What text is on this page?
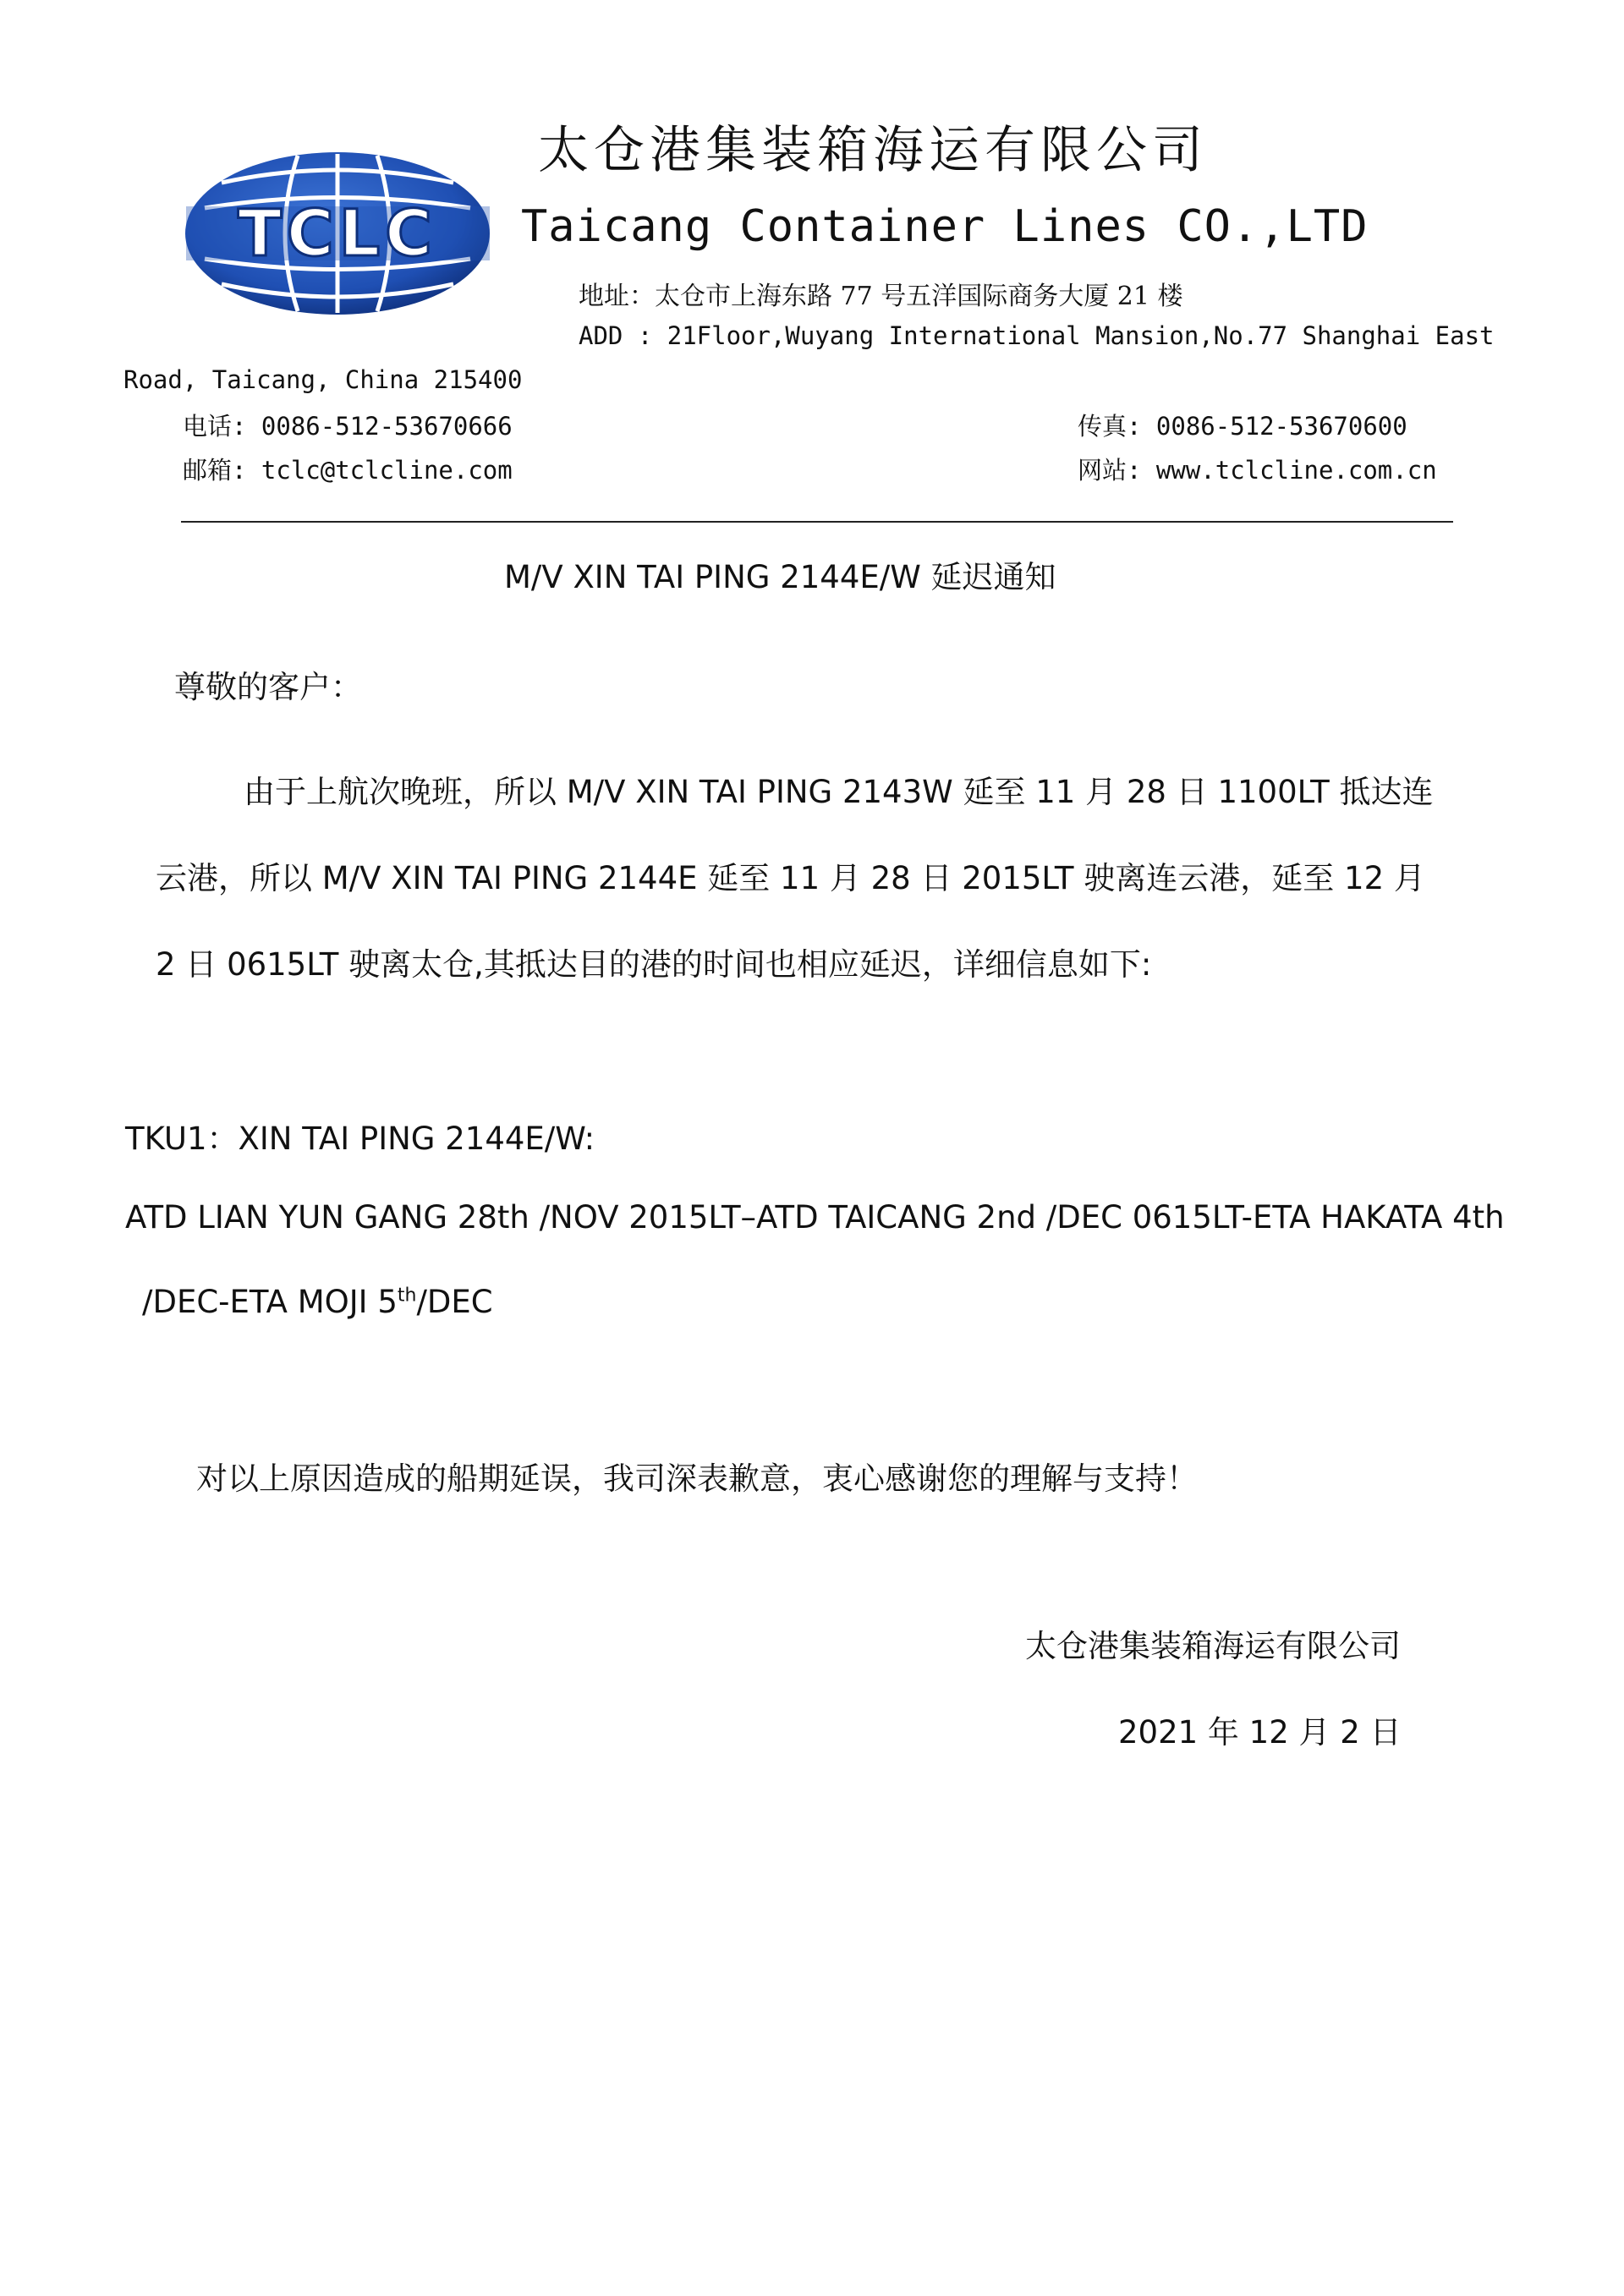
TCLC
太仓港集装箱海运有限公司
Taicang Container Lines CO.,LTD
地址：太仓市上海东路 77 号五洋国际商务大厦 21 楼
ADD : 21Floor,Wuyang International Mansion,No.77 Shanghai East
Road, Taicang, China 215400
电话: 0086-512-53670666	传真: 0086-512-53670600
邮箱: tclc@tclcline.com	网站: www.tclcline.com.cn
M/V XIN TAI PING 2144E/W 延迟通知
尊敬的客户：
由于上航次晚班，所以 M/V XIN TAI PING 2143W 延至 11 月 28 日 1100LT 抵达连
云港，所以 M/V XIN TAI PING 2144E 延至 11 月 28 日 2015LT 驶离连云港，延至 12 月
2 日 0615LT 驶离太仓,其抵达目的港的时间也相应延迟，详细信息如下:
TKU1：XIN TAI PING 2144E/W:
ATD LIAN YUN GANG 28th /NOV 2015LT–ATD TAICANG 2nd /DEC 0615LT-ETA HAKATA 4th
/DEC-ETA MOJI 5th/DEC
对以上原因造成的船期延误，我司深表歉意，衷心感谢您的理解与支持！
太仓港集装箱海运有限公司
2021 年 12 月 2 日
